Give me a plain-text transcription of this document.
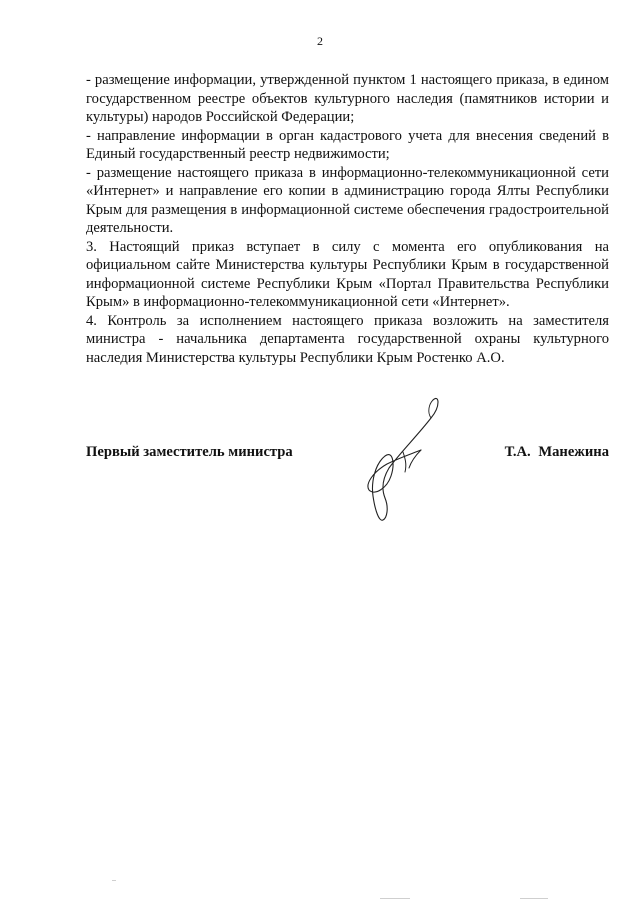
2

- размещение информации, утвержденной пунктом 1 настоящего приказа, в едином государственном реестре объектов культурного наследия (памятников истории и культуры) народов Российской Федерации;

- направление информации в орган кадастрового учета для внесения сведений в Единый государственный реестр недвижимости;

- размещение настоящего приказа в информационно-телекоммуникационной сети «Интернет» и направление его копии в администрацию города Ялты Республики Крым для размещения в информационной системе обеспечения градостроительной деятельности.

3. Настоящий приказ вступает в силу с момента его опубликования на официальном сайте Министерства культуры Республики Крым в государственной информационной системе Республики Крым «Портал Правительства Республики Крым» в информационно-телекоммуникационной сети «Интернет».

4. Контроль за исполнением настоящего приказа возложить на заместителя министра - начальника департамента государственной охраны культурного наследия Министерства культуры Республики Крым Ростенко А.О.

Первый заместитель министра	Т.А. Манежина
